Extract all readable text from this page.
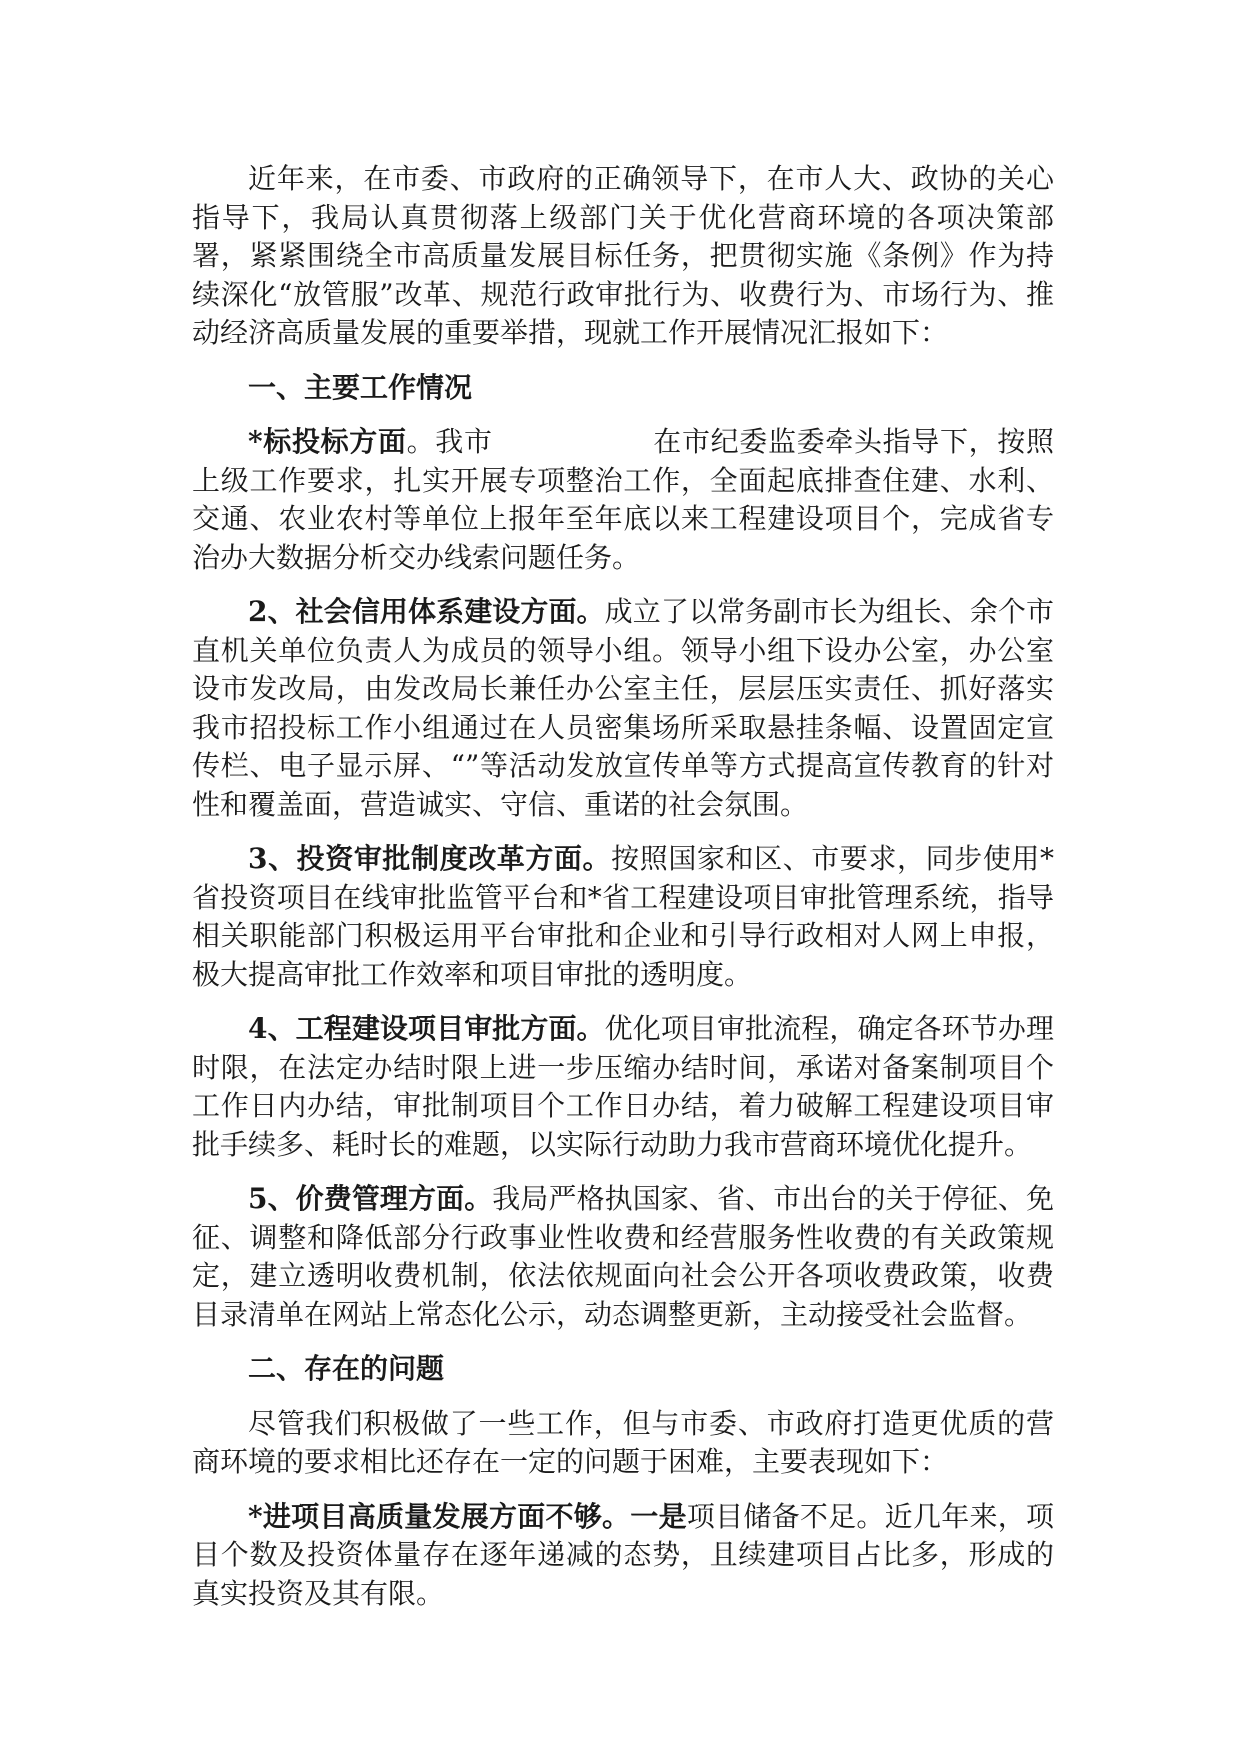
近年来，在市委、市政府的正确领导下，在市人大、政协的关心指导下，我局认真贯彻落上级部门关于优化营商环境的各项决策部署，紧紧围绕全市高质量发展目标任务，把贯彻实施《条例》作为持续深化“放管服”改革、规范行政审批行为、收费行为、市场行为、推动经济高质量发展的重要举措，现就工作开展情况汇报如下：

一、主要工作情况

*标投标方面。我市	在市纪委监委牵头指导下，按照上级工作要求，扎实开展专项整治工作，全面起底排查住建、水利、交通、农业农村等单位上报年至年底以来工程建设项目个，完成省专治办大数据分析交办线索问题任务。

2、社会信用体系建设方面。成立了以常务副市长为组长、余个市直机关单位负责人为成员的领导小组。领导小组下设办公室，办公室设市发改局，由发改局长兼任办公室主任，层层压实责任、抓好落实我市招投标工作小组通过在人员密集场所采取悬挂条幅、设置固定宣传栏、电子显示屏、“”等活动发放宣传单等方式提高宣传教育的针对性和覆盖面，营造诚实、守信、重诺的社会氛围。

3、投资审批制度改革方面。按照国家和区、市要求，同步使用*省投资项目在线审批监管平台和*省工程建设项目审批管理系统，指导相关职能部门积极运用平台审批和企业和引导行政相对人网上申报，极大提高审批工作效率和项目审批的透明度。

4、工程建设项目审批方面。优化项目审批流程，确定各环节办理时限，在法定办结时限上进一步压缩办结时间，承诺对备案制项目个工作日内办结，审批制项目个工作日办结，着力破解工程建设项目审批手续多、耗时长的难题，以实际行动助力我市营商环境优化提升。

5、价费管理方面。我局严格执国家、省、市出台的关于停征、免征、调整和降低部分行政事业性收费和经营服务性收费的有关政策规定，建立透明收费机制，依法依规面向社会公开各项收费政策，收费目录清单在网站上常态化公示，动态调整更新，主动接受社会监督。

二、存在的问题

尽管我们积极做了一些工作，但与市委、市政府打造更优质的营商环境的要求相比还存在一定的问题于困难，主要表现如下：

*进项目高质量发展方面不够。一是项目储备不足。近几年来，项目个数及投资体量存在逐年递减的态势，且续建项目占比多，形成的真实投资及其有限。
